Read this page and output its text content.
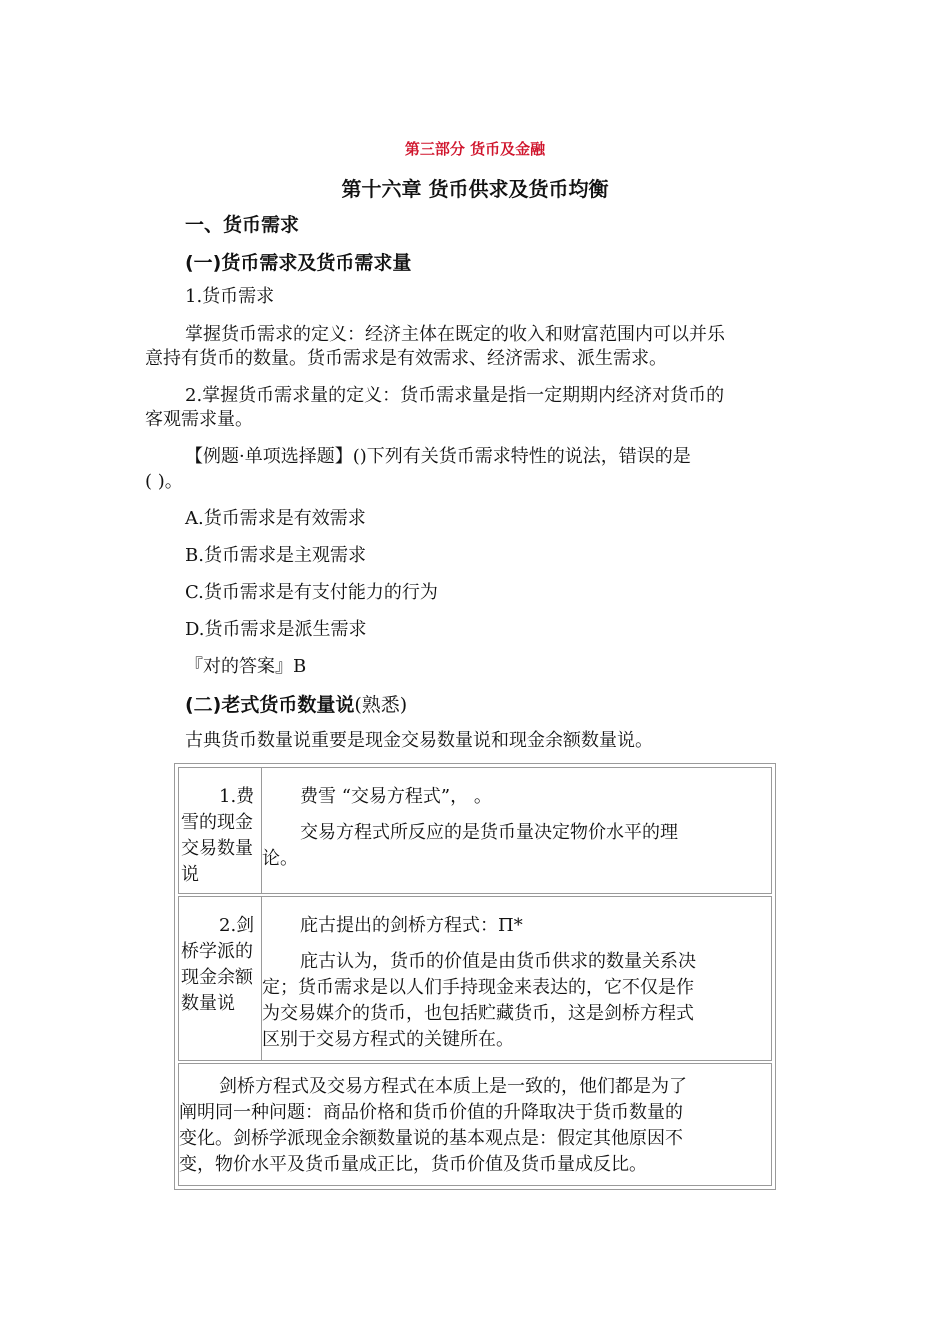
第三部分 货币及金融
第十六章 货币供求及货币均衡
一、货币需求
(一)货币需求及货币需求量
1.货币需求
掌握货币需求的定义：经济主体在既定的收入和财富范围内可以并乐
意持有货币的数量。货币需求是有效需求、经济需求、派生需求。
2.掌握货币需求量的定义：货币需求量是指一定期期内经济对货币的
客观需求量。
【例题·单项选择题】()下列有关货币需求特性的说法，错误的是
( )。
A.货币需求是有效需求
B.货币需求是主观需求
C.货币需求是有支付能力的行为
D.货币需求是派生需求
『对的答案』B
(二)老式货币数量说(熟悉)
古典货币数量说重要是现金交易数量说和现金余额数量说。
1.费
雪的现金
交易数量
说
费雪 “交易方程式”， 。
交易方程式所反应的是货币量决定物价水平的理
论。
2.剑
桥学派的
现金余额
数量说
庇古提出的剑桥方程式：Π*
庇古认为，货币的价值是由货币供求的数量关系决
定；货币需求是以人们手持现金来表达的，它不仅是作
为交易媒介的货币，也包括贮藏货币，这是剑桥方程式
区别于交易方程式的关键所在。
剑桥方程式及交易方程式在本质上是一致的，他们都是为了
阐明同一种问题：商品价格和货币价值的升降取决于货币数量的
变化。剑桥学派现金余额数量说的基本观点是：假定其他原因不
变，物价水平及货币量成正比，货币价值及货币量成反比。
